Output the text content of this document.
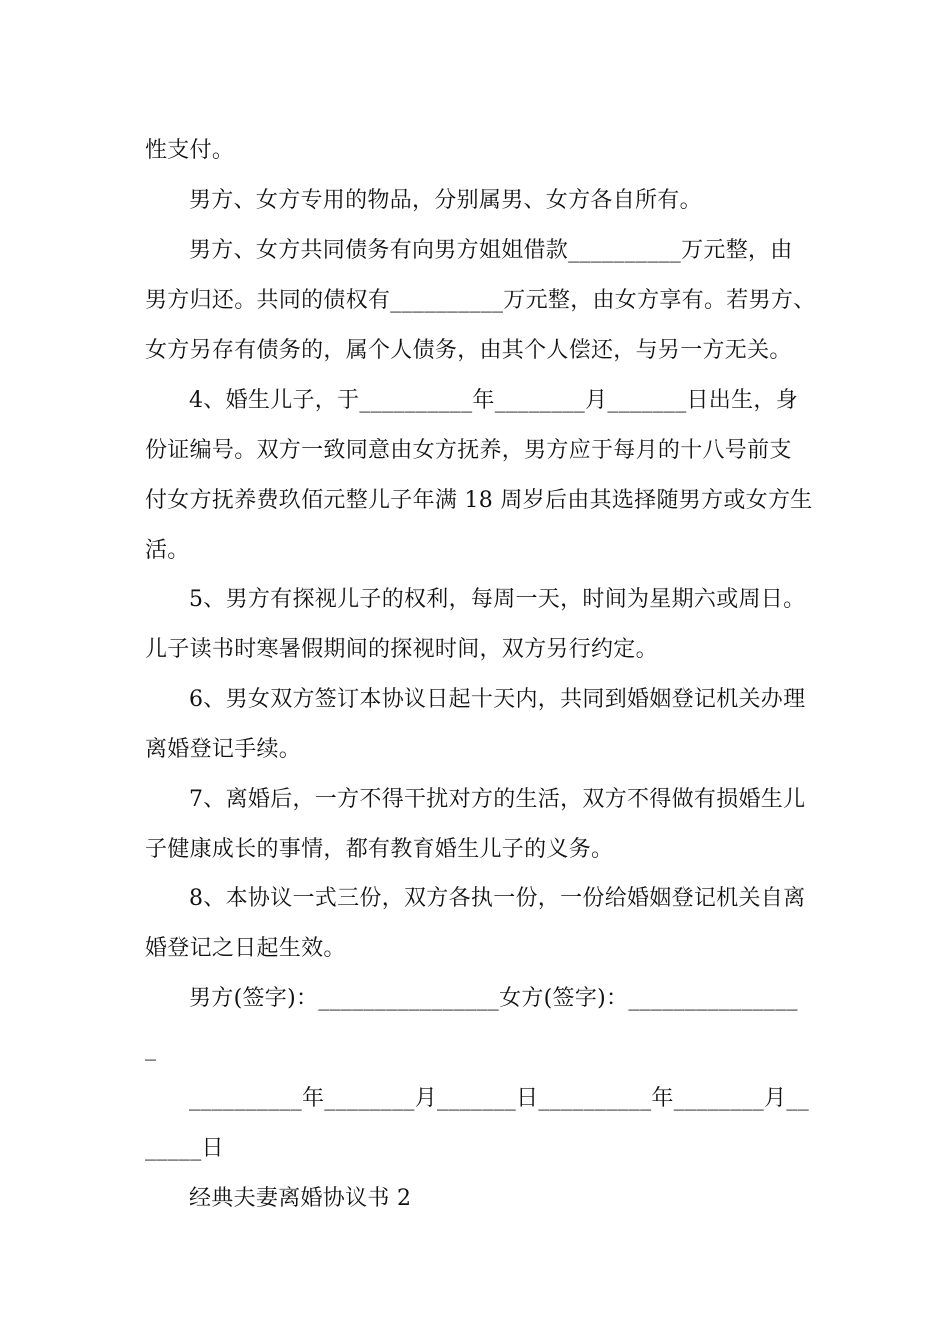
性支付。
男方、女方专用的物品，分别属男、女方各自所有。
男方、女方共同债务有向男方姐姐借款__________万元整，由
男方归还。共同的债权有__________万元整，由女方享有。若男方、
女方另存有债务的，属个人债务，由其个人偿还，与另一方无关。
4、婚生儿子，于__________年________月_______日出生，身
份证编号。双方一致同意由女方抚养，男方应于每月的十八号前支
付女方抚养费玖佰元整儿子年满 18 周岁后由其选择随男方或女方生
活。
5、男方有探视儿子的权利，每周一天，时间为星期六或周日。
儿子读书时寒暑假期间的探视时间，双方另行约定。
6、男女双方签订本协议日起十天内，共同到婚姻登记机关办理
离婚登记手续。
7、离婚后，一方不得干扰对方的生活，双方不得做有损婚生儿
子健康成长的事情，都有教育婚生儿子的义务。
8、本协议一式三份，双方各执一份，一份给婚姻登记机关自离
婚登记之日起生效。
男方(签字)：________________女方(签字)：_______________
_
__________年________月_______日__________年________月__
_____日
经典夫妻离婚协议书 2
